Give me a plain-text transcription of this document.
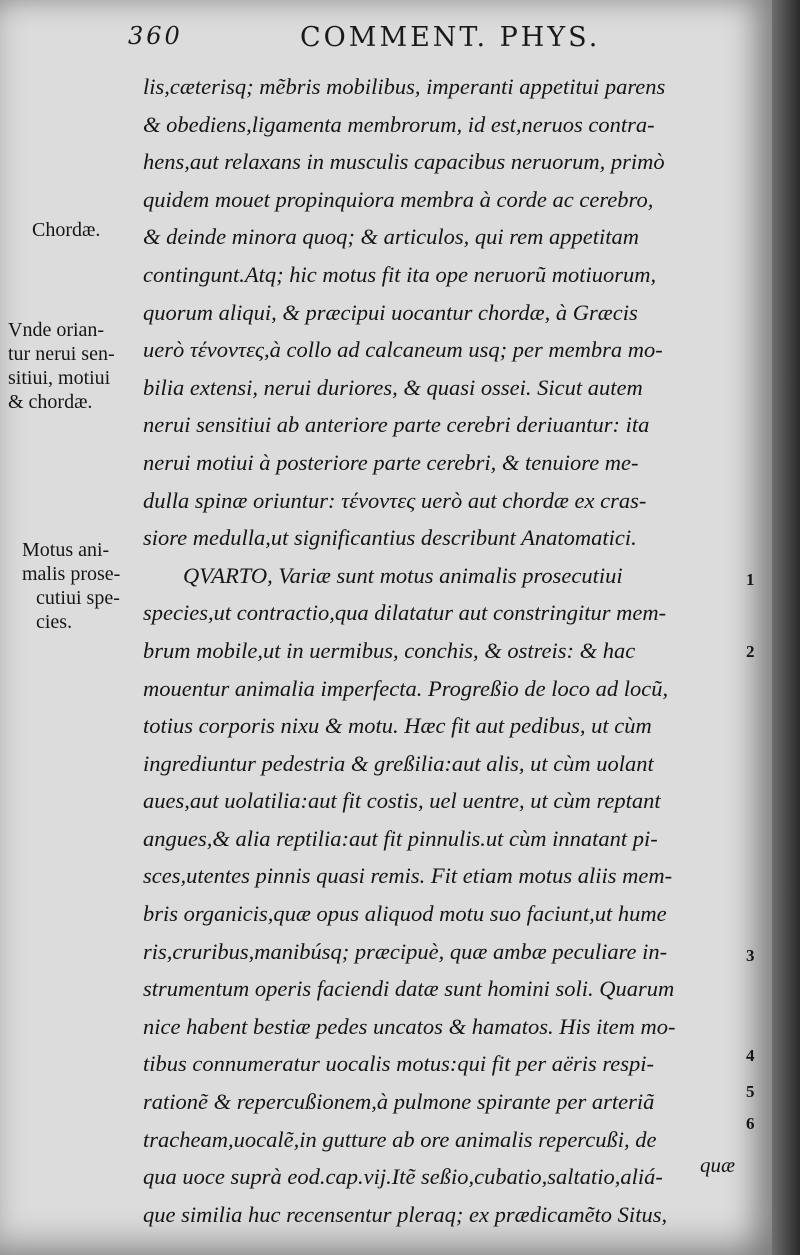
360	COMMENT. PHYS.
lis,cæterisq; mẽbris mobilibus, imperanti appetitui parens
& obediens,ligamenta membrorum, id est,neruos contra-
hens,aut relaxans in musculis capacibus neruorum, primò
quidem mouet propinquiora membra à corde ac cerebro,
& deinde minora quoq; & articulos, qui rem appetitam
contingunt.Atq; hic motus fit ita ope neruorũ motiuorum,
quorum aliqui, & præcipui uocantur chordæ, à Græcis
uerò τένοντες,à collo ad calcaneum usq; per membra mo-
bilia extensi, nerui duriores, & quasi ossei. Sicut autem
nerui sensitiui ab anteriore parte cerebri deriuantur: ita
nerui motiui à posteriore parte cerebri, & tenuiore me-
dulla spinæ oriuntur: τένοντες uerò aut chordæ ex cras-
siore medulla,ut significantius describunt Anatomatici.
QVARTO, Variæ sunt motus animalis prosecutiui
species,ut contractio,qua dilatatur aut constringitur mem-
brum mobile,ut in uermibus, conchis, & ostreis: & hac
mouentur animalia imperfecta. Progreßio de loco ad locũ,
totius corporis nixu & motu. Hæc fit aut pedibus, ut cùm
ingrediuntur pedestria & greßilia:aut alis, ut cùm uolant
aues,aut uolatilia:aut fit costis, uel uentre, ut cùm reptant
angues,& alia reptilia:aut fit pinnulis.ut cùm innatant pi-
sces,utentes pinnis quasi remis. Fit etiam motus aliis mem-
bris organicis,quæ opus aliquod motu suo faciunt,ut hume
ris,cruribus,manibúsq; præcipuè, quæ ambæ peculiare in-
strumentum operis faciendi datæ sunt homini soli. Quarum
nice habent bestiæ pedes uncatos & hamatos. His item mo-
tibus connumeratur uocalis motus:qui fit per aëris respi-
rationẽ & repercußionem,à pulmone spirante per arteriã
tracheam,uocalẽ,in gutture ab ore animalis repercußi, de
qua uoce suprà eod.cap.vij.Itẽ seßio,cubatio,saltatio,aliá-
que similia huc recensentur pleraq; ex prædicamẽto Situs,
quæ
Chordæ.
Vnde orian-
tur nerui sen-
sitiui, motiui
& chordæ.
Motus ani-
malis prose-
cutiui spe-
cies.
1
2
3
4
5
6
